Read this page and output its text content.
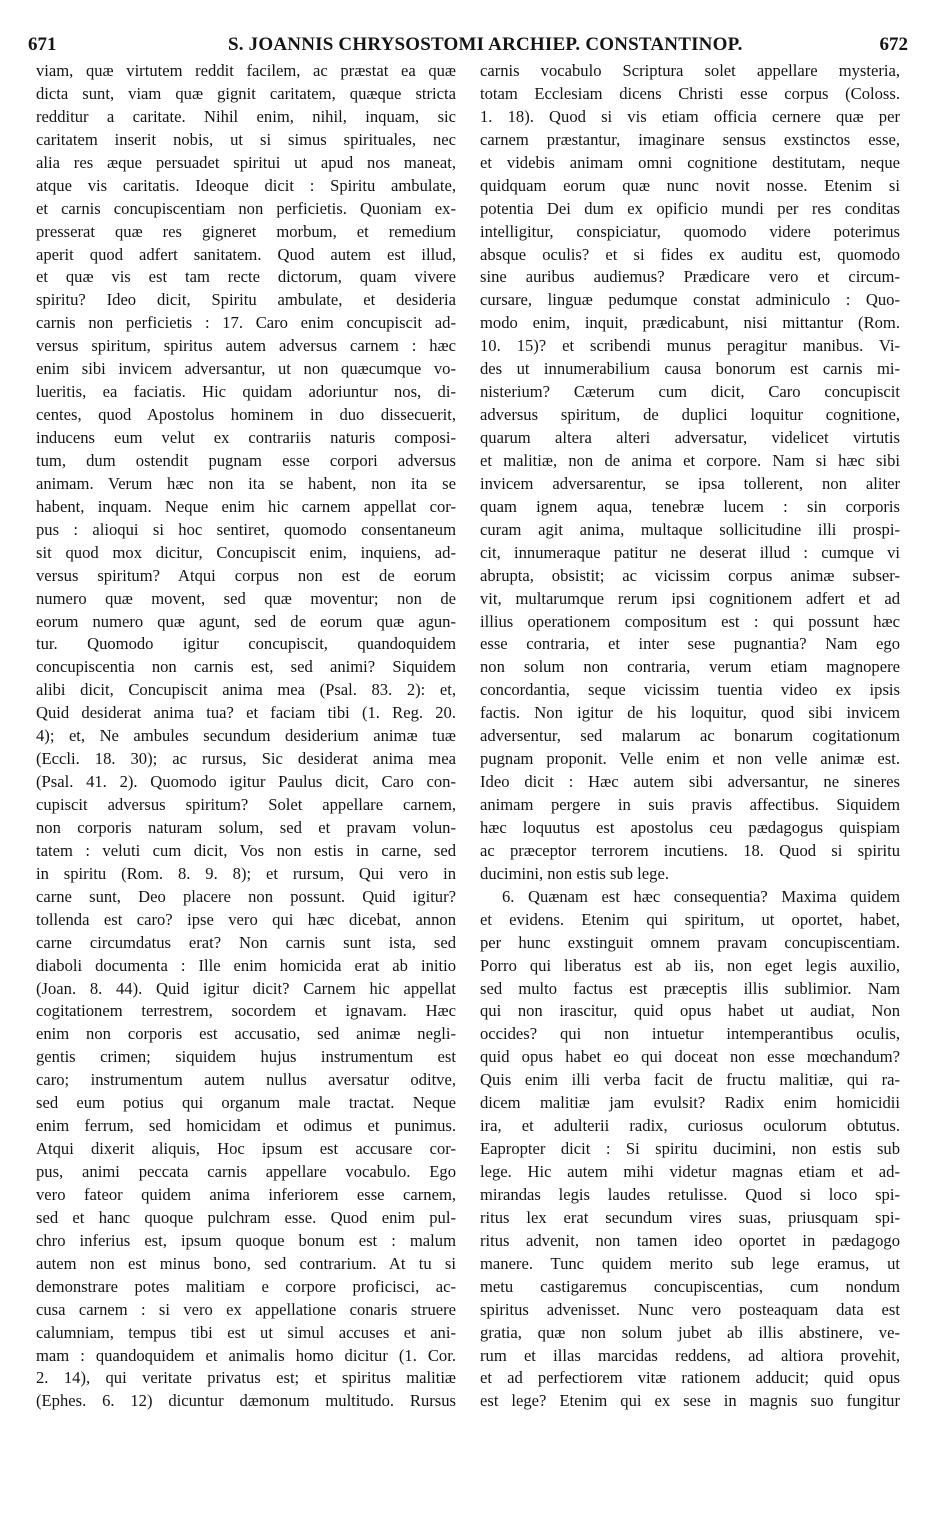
671	S. JOANNIS CHRYSOSTOMI ARCHIEP. CONSTANTINOP.	672
viam, quæ virtutem reddit facilem, ac præstat ea quæ
dicta sunt, viam quæ gignit caritatem, quæque stricta
redditur a caritate. Nihil enim, nihil, inquam, sic
caritatem inserit nobis, ut si simus spirituales, nec
alia res æque persuadet spiritui ut apud nos maneat,
atque vis caritatis. Ideoque dicit : Spiritu ambulate,
et carnis concupiscentiam non perficietis. Quoniam ex-
presserat quæ res gigneret morbum, et remedium
aperit quod adfert sanitatem. Quod autem est illud,
et quæ vis est tam recte dictorum, quam vivere
spiritu? Ideo dicit, Spiritu ambulate, et desideria
carnis non perficietis : 17. Caro enim concupiscit ad-
versus spiritum, spiritus autem adversus carnem : hæc
enim sibi invicem adversantur, ut non quæcumque vo-
lueritis, ea faciatis. Hic quidam adoriuntur nos, di-
centes, quod Apostolus hominem in duo dissecuerit,
inducens eum velut ex contrariis naturis composi-
tum, dum ostendit pugnam esse corpori adversus
animam. Verum hæc non ita se habent, non ita se
habent, inquam. Neque enim hic carnem appellat cor-
pus : alioqui si hoc sentiret, quomodo consentaneum
sit quod mox dicitur, Concupiscit enim, inquiens, ad-
versus spiritum? Atqui corpus non est de eorum
numero quæ movent, sed quæ moventur; non de
eorum numero quæ agunt, sed de eorum quæ agun-
tur. Quomodo igitur concupiscit, quandoquidem
concupiscentia non carnis est, sed animi? Siquidem
alibi dicit, Concupiscit anima mea (Psal. 83. 2): et,
Quid desiderat anima tua? et faciam tibi (1. Reg. 20.
4); et, Ne ambules secundum desiderium animæ tuæ
(Eccli. 18. 30); ac rursus, Sic desiderat anima mea
(Psal. 41. 2). Quomodo igitur Paulus dicit, Caro con-
cupiscit adversus spiritum? Solet appellare carnem,
non corporis naturam solum, sed et pravam volun-
tatem : veluti cum dicit, Vos non estis in carne, sed
in spiritu (Rom. 8. 9. 8); et rursum, Qui vero in
carne sunt, Deo placere non possunt. Quid igitur?
tollenda est caro? ipse vero qui hæc dicebat, annon
carne circumdatus erat? Non carnis sunt ista, sed
diaboli documenta : Ille enim homicida erat ab initio
(Joan. 8. 44). Quid igitur dicit? Carnem hic appellat
cogitationem terrestrem, socordem et ignavam. Hæc
enim non corporis est accusatio, sed animæ negli-
gentis crimen; siquidem hujus instrumentum est
caro; instrumentum autem nullus aversatur oditve,
sed eum potius qui organum male tractat. Neque
enim ferrum, sed homicidam et odimus et punimus.
Atqui dixerit aliquis, Hoc ipsum est accusare cor-
pus, animi peccata carnis appellare vocabulo. Ego
vero fateor quidem animа inferiorem esse carnem,
sed et hanc quoque pulchram esse. Quod enim pul-
chro inferius est, ipsum quoque bonum est : malum
autem non est minus bono, sed contrarium. At tu si
demonstrare potes malitiam e corpore proficisci, ac-
cusa carnem : si vero ex appellatione conaris struere
calumniam, tempus tibi est ut simul accuses et ani-
mam : quandoquidem et animalis homo dicitur (1. Cor.
2. 14), qui veritate privatus est; et spiritus malitiæ
(Ephes. 6. 12) dicuntur dæmonum multitudo. Rursus
carnis vocabulo Scriptura solet appellare mysteria,
totam Ecclesiam dicens Christi esse corpus (Coloss.
1. 18). Quod si vis etiam officia cernere quæ per
carnem præstantur, imaginare sensus exstinctos esse,
et videbis animam omni cognitione destitutam, neque
quidquam eorum quæ nunc novit nosse. Etenim si
potentia Dei dum ex opificio mundi per res conditas
intelligitur, conspiciatur, quomodo videre poterimus
absque oculis? et si fides ex auditu est, quomodo
sine auribus audiemus? Prædicare vero et circum-
cursare, linguæ pedumque constat adminiculo : Quo-
modo enim, inquit, prædicabunt, nisi mittantur (Rom.
10. 15)? et scribendi munus peragitur manibus. Vi-
des ut innumerabilium causa bonorum est carnis mi-
nisterium? Cæterum cum dicit, Caro concupiscit
adversus spiritum, de duplici loquitur cognitione,
quarum altera alteri adversatur, videlicet virtutis
et malitiæ, non de anima et corpore. Nam si hæc sibi
invicem adversarentur, se ipsa tollerent, non aliter
quam ignem aqua, tenebræ lucem : sin corporis
curam agit anima, multaque sollicitudine illi prospi-
cit, innumeraque patitur ne deserat illud : cumque vi
abrupta, obsistit; ac vicissim corpus animæ subser-
vit, multarumque rerum ipsi cognitionem adfert et ad
illius operationem compositum est : qui possunt hæc
esse contraria, et inter sese pugnantia? Nam ego
non solum non contraria, verum etiam magnopere
concordantia, seque vicissim tuentia video ex ipsis
factis. Non igitur de his loquitur, quod sibi invicem
adversentur, sed malarum ac bonarum cogitationum
pugnam proponit. Velle enim et non velle animæ est.
Ideo dicit : Hæc autem sibi adversantur, ne sineres
animam pergere in suis pravis affectibus. Siquidem
hæc loquutus est apostolus ceu pædagogus quispiam
ac præceptor terrorem incutiens. 18. Quod si spiritu
ducimini, non estis sub lege.
6. Quænam est hæc consequentia? Maxima quidem
et evidens. Etenim qui spiritum, ut oportet, habet,
per hunc exstinguit omnem pravam concupiscentiam.
Porro qui liberatus est ab iis, non eget legis auxilio,
sed multo factus est præceptis illis sublimior. Nam
qui non irascitur, quid opus habet ut audiat, Non
occides? qui non intuetur intemperantibus oculis,
quid opus habet eo qui doceat non esse mœchandum?
Quis enim illi verba facit de fructu malitiæ, qui ra-
dicem malitiæ jam evulsit? Radix enim homicidii
ira, et adulterii radix, curiosus oculorum obtutus.
Eapropter dicit : Si spiritu ducimini, non estis sub
lege. Hic autem mihi videtur magnas etiam et ad-
mirandas legis laudes retulisse. Quod si loco spi-
ritus lex erat secundum vires suas, priusquam spi-
ritus advenit, non tamen ideo oportet in pædagogo
manere. Tunc quidem merito sub lege eramus, ut
metu castigaremus concupiscentias, cum nondum
spiritus advenisset. Nunc vero posteaquam data est
gratia, quæ non solum jubet ab illis abstinere, ve-
rum et illas marcidas reddens, ad altiora provehit,
et ad perfectiorem vitæ rationem adducit; quid opus
est lege? Etenim qui ex sese in magnis suo fungitur
